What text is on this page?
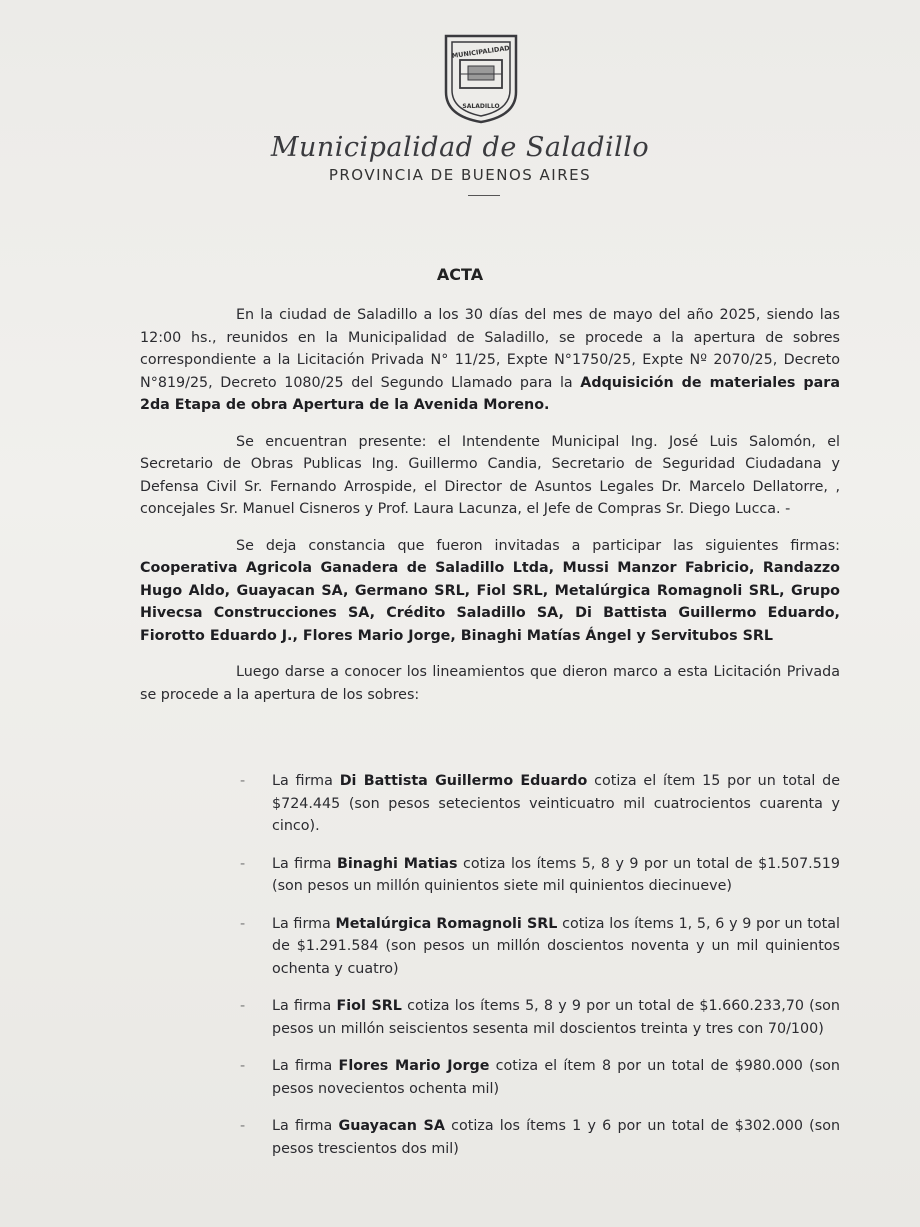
MUNICIPALIDAD
SALADILLO
Municipalidad de Saladillo
PROVINCIA DE BUENOS AIRES
ACTA

En la ciudad de Saladillo a los 30 días del mes de mayo del año 2025, siendo las 12:00 hs., reunidos en la Municipalidad de Saladillo, se procede a la apertura de sobres correspondiente a la Licitación Privada N° 11/25, Expte N°1750/25, Expte Nº 2070/25, Decreto N°819/25, Decreto 1080/25 del Segundo Llamado para la Adquisición de materiales para 2da Etapa de obra Apertura de la Avenida Moreno.

Se encuentran presente: el Intendente Municipal Ing. José Luis Salomón, el Secretario de Obras Publicas Ing. Guillermo Candia, Secretario de Seguridad Ciudadana y Defensa Civil Sr. Fernando Arrospide, el Director de Asuntos Legales Dr. Marcelo Dellatorre, , concejales Sr. Manuel Cisneros y Prof. Laura Lacunza, el Jefe de Compras Sr. Diego Lucca. -

Se deja constancia que fueron invitadas a participar las siguientes firmas: Cooperativa Agricola Ganadera de Saladillo Ltda, Mussi Manzor Fabricio, Randazzo Hugo Aldo, Guayacan SA, Germano SRL, Fiol SRL, Metalúrgica Romagnoli SRL, Grupo Hivecsa Construcciones SA, Crédito Saladillo SA, Di Battista Guillermo Eduardo, Fiorotto Eduardo J., Flores Mario Jorge, Binaghi Matías Ángel y Servitubos SRL

Luego darse a conocer los lineamientos que dieron marco a esta Licitación Privada se procede a la apertura de los sobres:

-	La firma Di Battista Guillermo Eduardo cotiza el ítem 15 por un total de $724.445 (son pesos setecientos veinticuatro mil cuatrocientos cuarenta y cinco).
-	La firma Binaghi Matias cotiza los ítems 5, 8 y 9 por un total de $1.507.519 (son pesos un millón quinientos siete mil quinientos diecinueve)
-	La firma Metalúrgica Romagnoli SRL cotiza los ítems 1, 5, 6 y 9 por un total de $1.291.584 (son pesos un millón doscientos noventa y un mil quinientos ochenta y cuatro)
-	La firma Fiol SRL cotiza los ítems 5, 8 y 9 por un total de $1.660.233,70 (son pesos un millón seiscientos sesenta mil doscientos treinta y tres con 70/100)
-	La firma Flores Mario Jorge cotiza el ítem 8 por un total de $980.000 (son pesos novecientos ochenta mil)
-	La firma Guayacan SA cotiza los ítems 1 y 6 por un total de $302.000 (son pesos trescientos dos mil)
